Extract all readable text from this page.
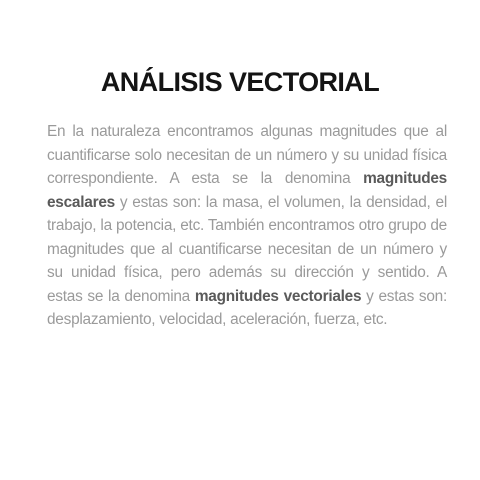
ANÁLISIS VECTORIAL

En la naturaleza encontramos algunas magnitudes que al cuantificarse solo necesitan de un número y su unidad física correspondiente. A esta se la denomina magnitudes escalares y estas son: la masa, el volumen, la densidad, el trabajo, la potencia, etc. También encontramos otro grupo de magnitudes que al cuantificarse necesitan de un número y su unidad física, pero además su dirección y sentido. A estas se la denomina magnitudes vectoriales y estas son: desplazamiento, velocidad, aceleración, fuerza, etc.
